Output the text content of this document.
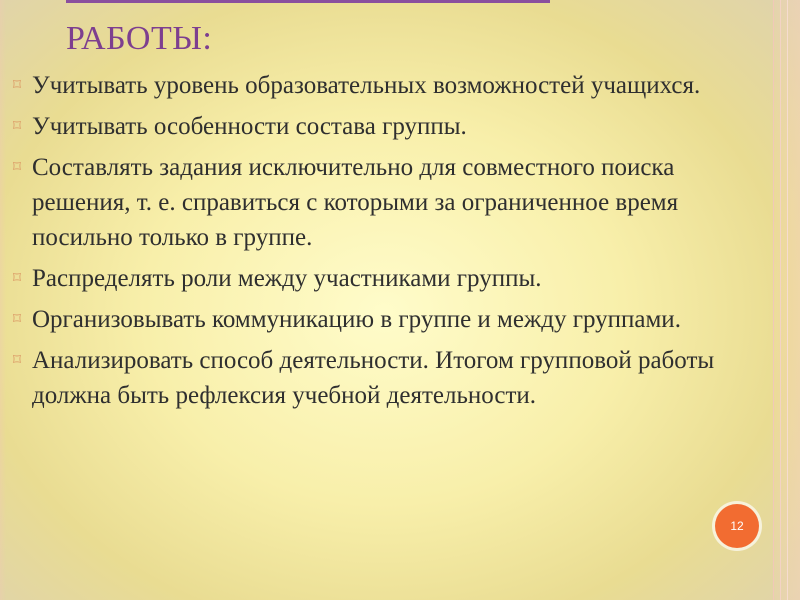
РАБОТЫ:
⌑ Учитывать уровень образовательных возможностей учащихся.
⌑ Учитывать особенности состава группы.
⌑ Составлять задания исключительно для совместного поиска решения, т. е. справиться с которыми за ограниченное время посильно только в группе.
⌑ Распределять роли между участниками группы.
⌑ Организовывать коммуникацию в группе и между группами.
⌑ Анализировать способ деятельности. Итогом групповой работы должна быть рефлексия учебной деятельности.
12
